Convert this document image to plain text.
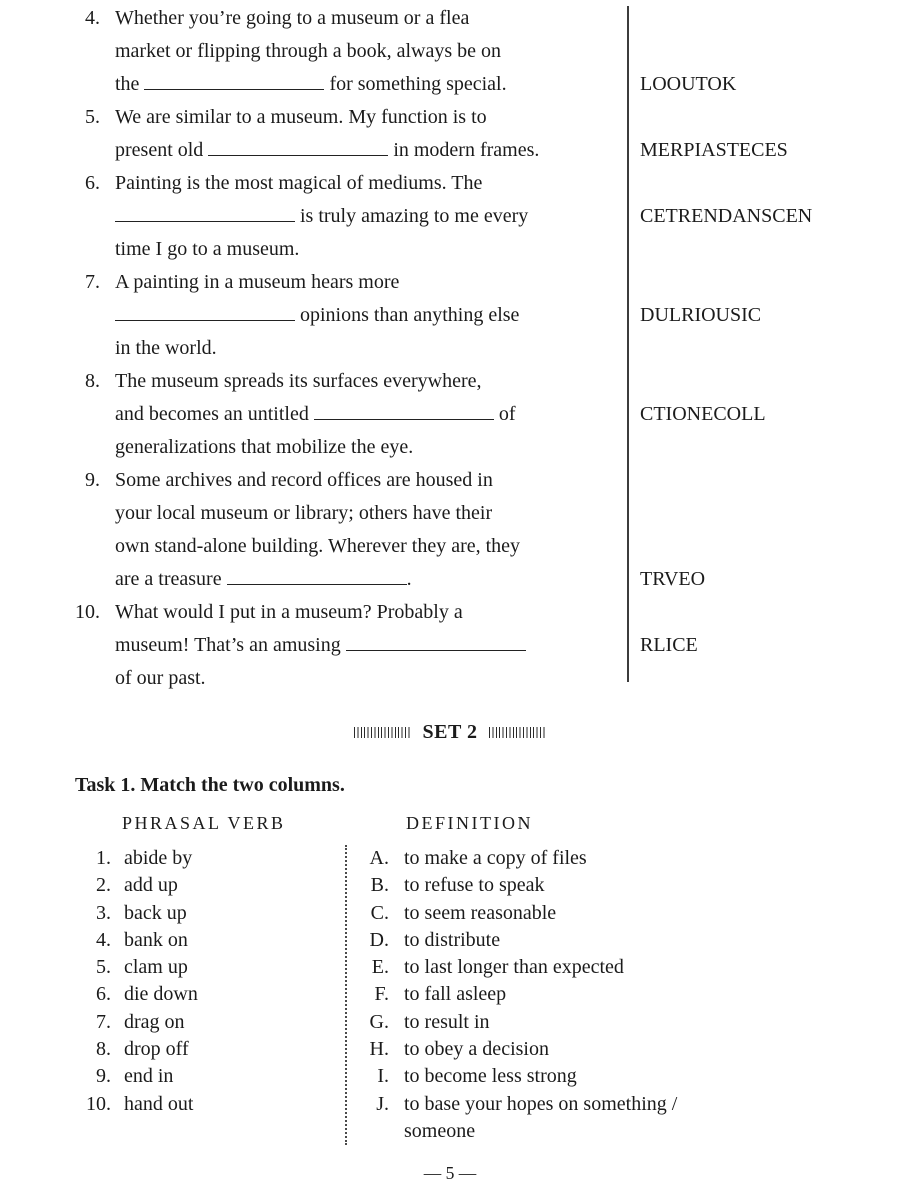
4. Whether you’re going to a museum or a flea
market or flipping through a book, always be on
the	for something special.	LOOUTOK
5. We are similar to a museum. My function is to
present old	in modern frames.	MERPIASTECES
6. Painting is the most magical of mediums. The
is truly amazing to me every	CETRENDANSCEN
time I go to a museum.
7. A painting in a museum hears more
opinions than anything else	DULRIOUSIC
in the world.
8. The museum spreads its surfaces everywhere,
and becomes an untitled	of	CTIONECOLL
generalizations that mobilize the eye.
9. Some archives and record offices are housed in
your local museum or library; others have their
own stand-alone building. Wherever they are, they
are a treasure	.	TRVEO
10. What would I put in a museum? Probably a
museum! That’s an amusing	RLICE
of our past.
SET 2
Task 1. Match the two columns.
PHRASAL VERB	DEFINITION
1. abide by
2. add up
3. back up
4. bank on
5. clam up
6. die down
7. drag on
8. drop off
9. end in
10. hand out
A. to make a copy of files
B. to refuse to speak
C. to seem reasonable
D. to distribute
E. to last longer than expected
F. to fall asleep
G. to result in
H. to obey a decision
I. to become less strong
J. to base your hopes on something /
someone
— 5 —
